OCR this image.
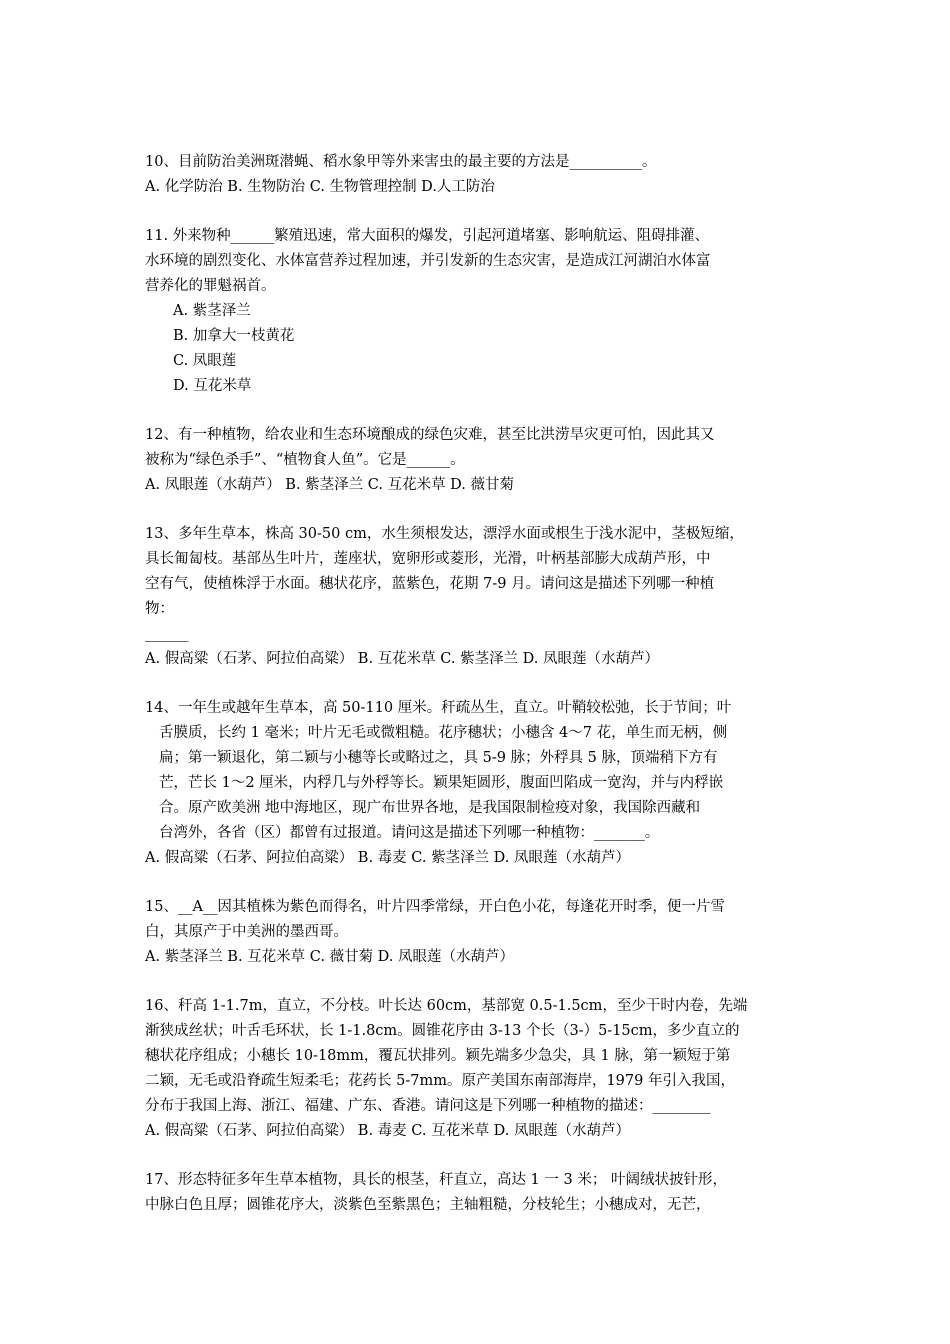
10、目前防治美洲斑潜蝇、稻水象甲等外来害虫的最主要的方法是__________。
A. 化学防治 B. 生物防治 C. 生物管理控制 D.人工防治
11. 外来物种______繁殖迅速，常大面积的爆发，引起河道堵塞、影响航运、阻碍排灌、
水环境的剧烈变化、水体富营养过程加速，并引发新的生态灾害，是造成江河湖泊水体富
营养化的罪魁祸首。
A. 紫茎泽兰
B. 加拿大一枝黄花
C. 凤眼莲
D. 互花米草
12、有一种植物，给农业和生态环境酿成的绿色灾难，甚至比洪涝旱灾更可怕，因此其又
被称为“绿色杀手”、“植物食人鱼”。它是______。
A. 凤眼莲（水葫芦） B. 紫茎泽兰 C. 互花米草 D. 薇甘菊
13、多年生草本，株高 30-50 cm，水生须根发达，漂浮水面或根生于浅水泥中，茎极短缩，
具长匍匐枝。基部丛生叶片，莲座状，宽卵形或菱形，光滑，叶柄基部膨大成葫芦形，中
空有气，使植株浮于水面。穗状花序，蓝紫色，花期 7-9 月。请问这是描述下列哪一种植
物：
______
A. 假高粱（石茅、阿拉伯高粱） B. 互花米草 C. 紫茎泽兰 D. 凤眼莲（水葫芦）
14、一年生或越年生草本，高 50-110 厘米。秆疏丛生，直立。叶鞘较松弛，长于节间；叶
舌膜质，长约 1 毫米；叶片无毛或微粗糙。花序穗状；小穗含 4～7 花，单生而无柄，侧
扁；第一颖退化，第二颖与小穗等长或略过之，具 5-9 脉；外稃具 5 脉，顶端稍下方有
芒，芒长 1～2 厘米，内稃几与外稃等长。颖果矩圆形，腹面凹陷成一宽沟，并与内稃嵌
合。原产欧美洲 地中海地区，现广布世界各地，是我国限制检疫对象，我国除西藏和
台湾外，各省（区）都曾有过报道。请问这是描述下列哪一种植物：_______。
A. 假高粱（石茅、阿拉伯高粱） B. 毒麦 C. 紫茎泽兰 D. 凤眼莲（水葫芦）
15、__A__因其植株为紫色而得名，叶片四季常绿，开白色小花，每逢花开时季，便一片雪
白，其原产于中美洲的墨西哥。
A. 紫茎泽兰 B. 互花米草 C. 薇甘菊 D. 凤眼莲（水葫芦）
16、秆高 1-1.7m，直立，不分枝。叶长达 60cm，基部宽 0.5-1.5cm，至少干时内卷，先端
渐狭成丝状；叶舌毛环状，长 1-1.8cm。圆锥花序由 3-13 个长（3-）5-15cm，多少直立的
穗状花序组成；小穗长 10-18mm，覆瓦状排列。颖先端多少急尖，具 1 脉，第一颖短于第
二颖，无毛或沿脊疏生短柔毛；花药长 5-7mm。原产美国东南部海岸，1979 年引入我国，
分布于我国上海、浙江、福建、广东、香港。请问这是下列哪一种植物的描述：________
A. 假高粱（石茅、阿拉伯高粱） B. 毒麦 C. 互花米草 D. 凤眼莲（水葫芦）
17、形态特征多年生草本植物，具长的根茎，秆直立，高达 1 一 3 米； 叶阔绒状披针形，
中脉白色且厚；圆锥花序大，淡紫色至紫黑色；主轴粗糙，分枝轮生；小穗成对，无芒，
